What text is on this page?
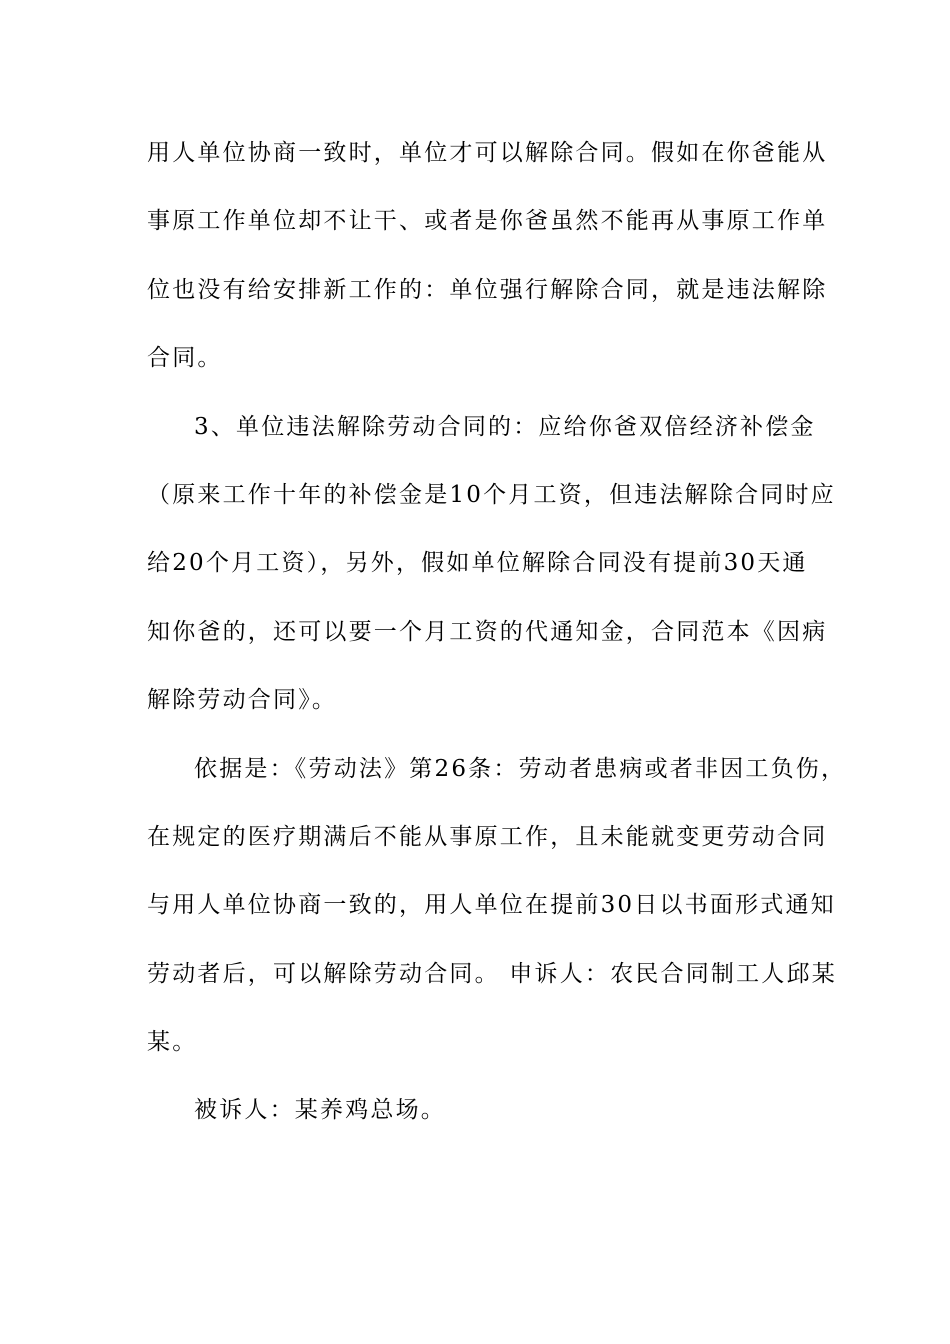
用人单位协商一致时，单位才可以解除合同。假如在你爸能从
事原工作单位却不让干、或者是你爸虽然不能再从事原工作单
位也没有给安排新工作的：单位强行解除合同，就是违法解除
合同。
3、单位违法解除劳动合同的：应给你爸双倍经济补偿金
（原来工作十年的补偿金是10个月工资，但违法解除合同时应
给20个月工资），另外，假如单位解除合同没有提前30天通
知你爸的，还可以要一个月工资的代通知金，合同范本《因病
解除劳动合同》。
依据是：《劳动法》第26条：劳动者患病或者非因工负伤，
在规定的医疗期满后不能从事原工作，且未能就变更劳动合同
与用人单位协商一致的，用人单位在提前30日以书面形式通知
劳动者后，可以解除劳动合同。 申诉人：农民合同制工人邱某
某。
被诉人：某养鸡总场。
